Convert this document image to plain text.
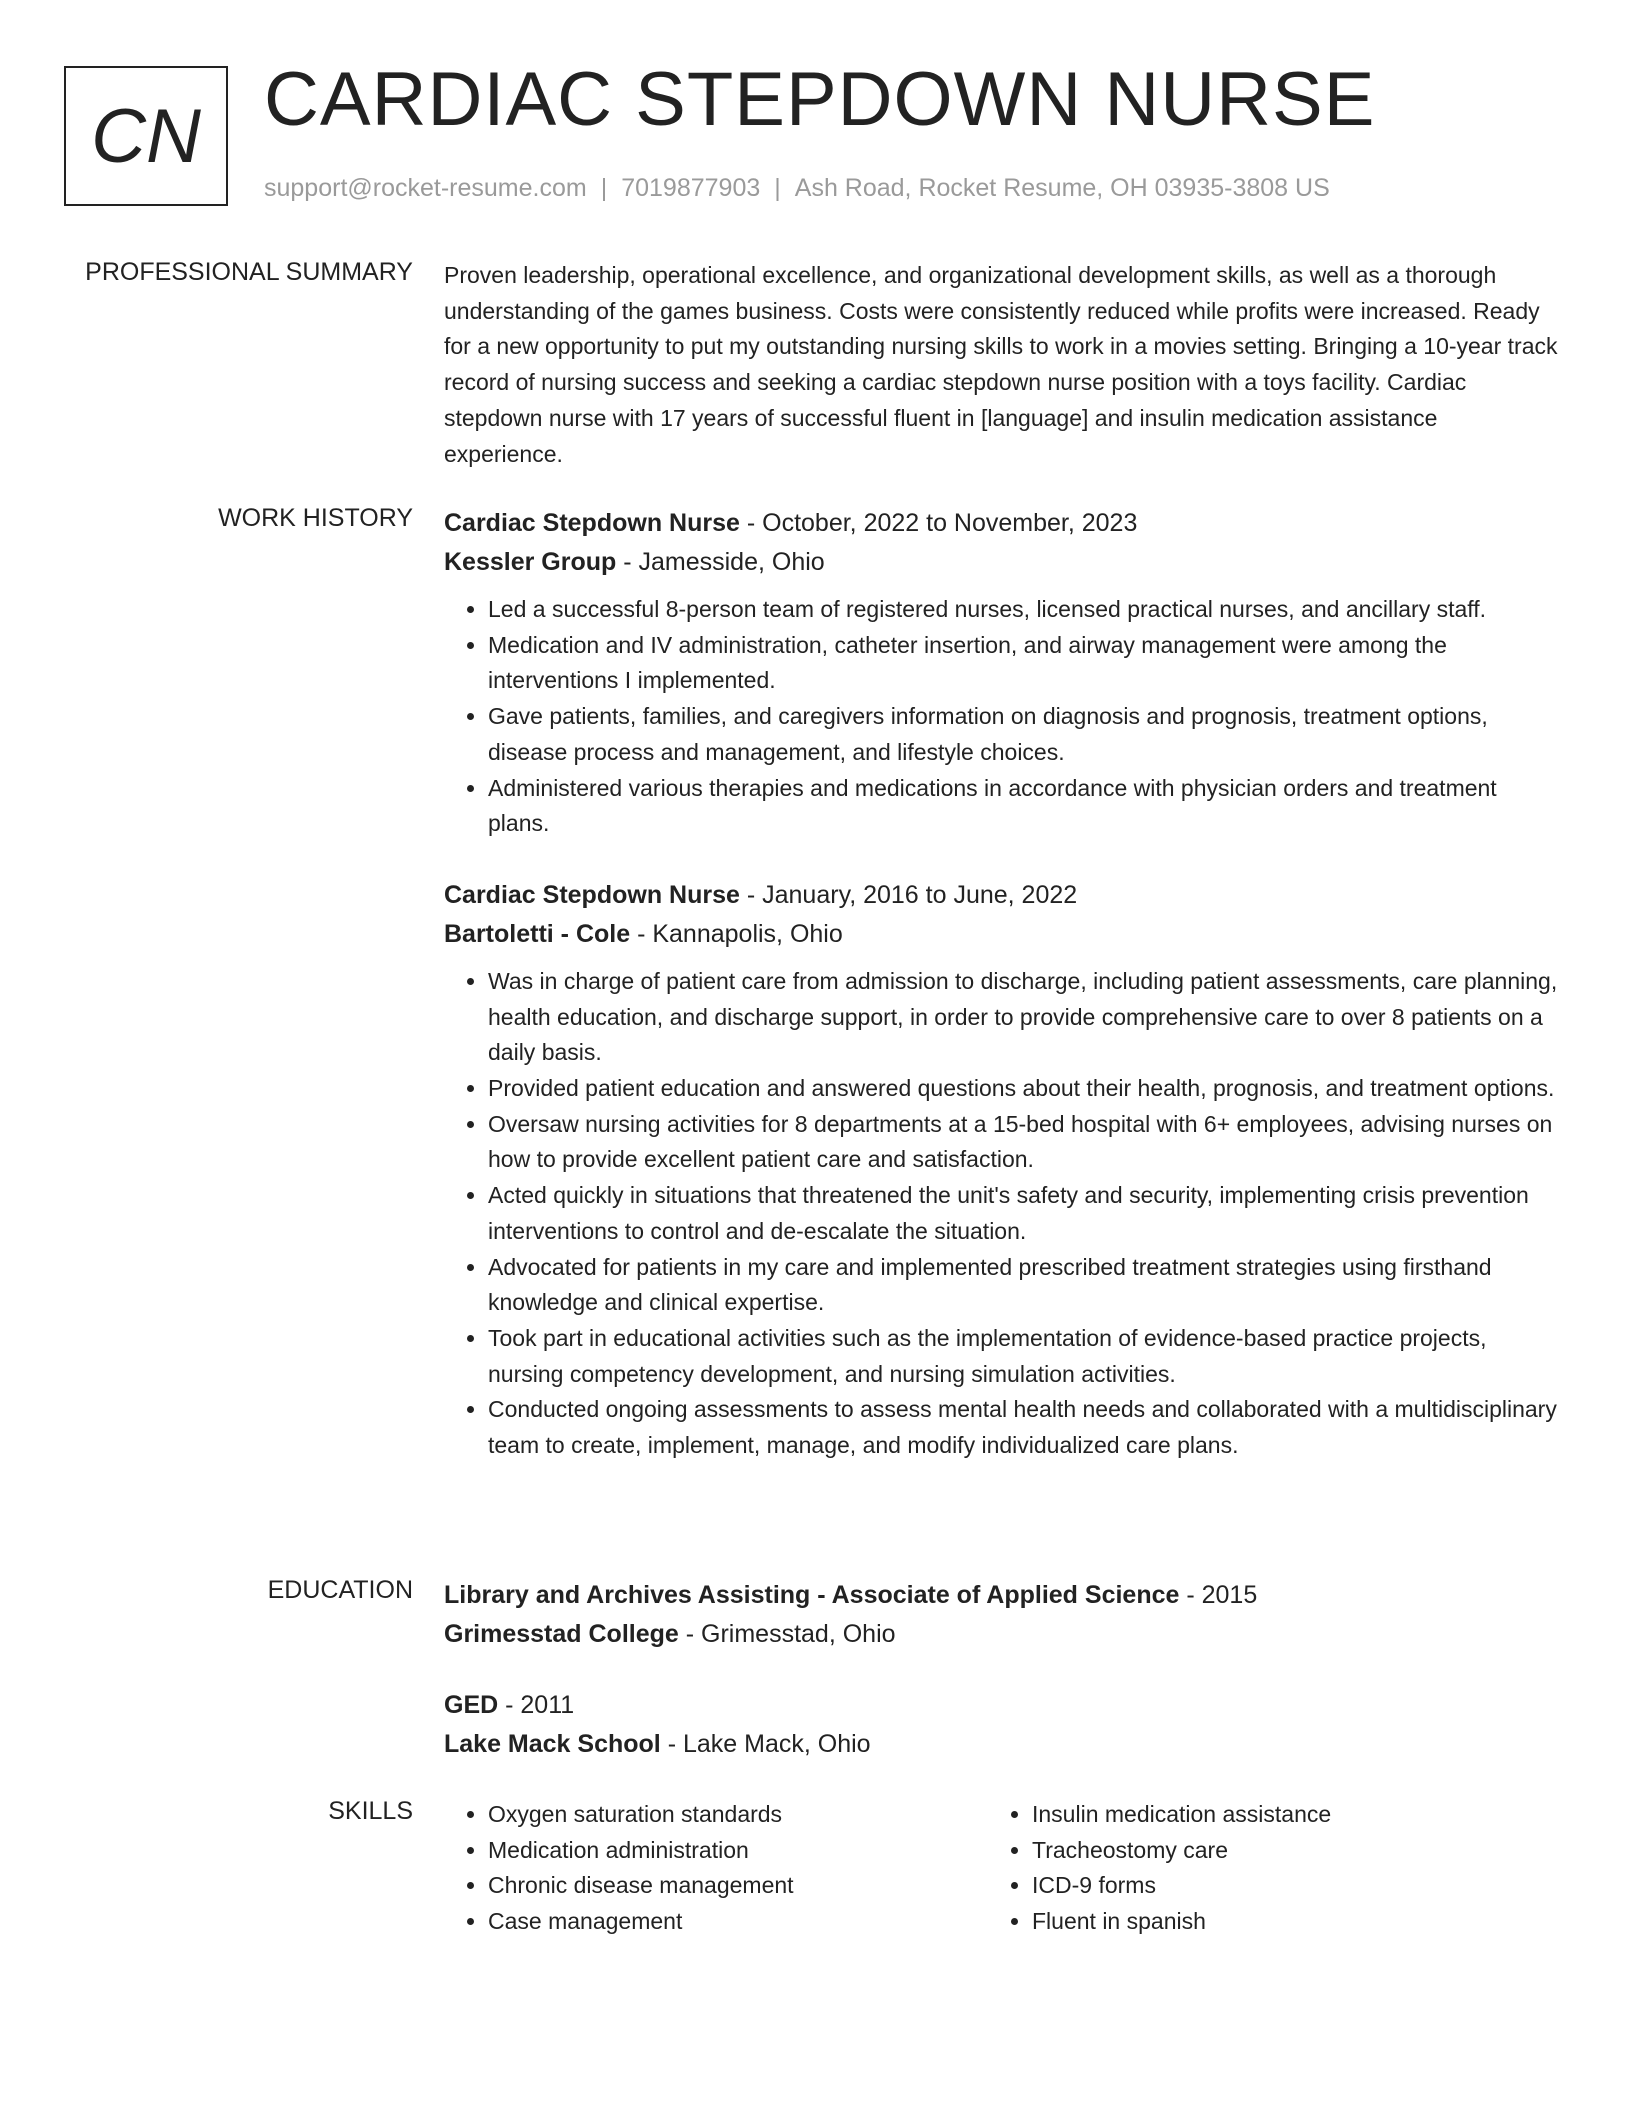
CN CARDIAC STEPDOWN NURSE
support@rocket-resume.com | 7019877903 | Ash Road, Rocket Resume, OH 03935-3808 US
PROFESSIONAL SUMMARY Proven leadership, operational excellence, and organizational development skills, as well as a thorough understanding of the games business. Costs were consistently reduced while profits were increased. Ready for a new opportunity to put my outstanding nursing skills to work in a movies setting. Bringing a 10-year track record of nursing success and seeking a cardiac stepdown nurse position with a toys facility. Cardiac stepdown nurse with 17 years of successful fluent in [language] and insulin medication assistance experience.

WORK HISTORY Cardiac Stepdown Nurse - October, 2022 to November, 2023
Kessler Group - Jamesside, Ohio
• Led a successful 8-person team of registered nurses, licensed practical nurses, and ancillary staff.
• Medication and IV administration, catheter insertion, and airway management were among the interventions I implemented.
• Gave patients, families, and caregivers information on diagnosis and prognosis, treatment options, disease process and management, and lifestyle choices.
• Administered various therapies and medications in accordance with physician orders and treatment plans.
Cardiac Stepdown Nurse - January, 2016 to June, 2022
Bartoletti - Cole - Kannapolis, Ohio
• Was in charge of patient care from admission to discharge, including patient assessments, care planning, health education, and discharge support, in order to provide comprehensive care to over 8 patients on a daily basis.
• Provided patient education and answered questions about their health, prognosis, and treatment options.
• Oversaw nursing activities for 8 departments at a 15-bed hospital with 6+ employees, advising nurses on how to provide excellent patient care and satisfaction.
• Acted quickly in situations that threatened the unit's safety and security, implementing crisis prevention interventions to control and de-escalate the situation.
• Advocated for patients in my care and implemented prescribed treatment strategies using firsthand knowledge and clinical expertise.
• Took part in educational activities such as the implementation of evidence-based practice projects, nursing competency development, and nursing simulation activities.
• Conducted ongoing assessments to assess mental health needs and collaborated with a multidisciplinary team to create, implement, manage, and modify individualized care plans.
EDUCATION Library and Archives Assisting - Associate of Applied Science - 2015
Grimesstad College - Grimesstad, Ohio
GED - 2011
Lake Mack School - Lake Mack, Ohio
SKILLS
•	Oxygen saturation standards
• Medication administration
• Chronic disease management
• Case management
• Insulin medication assistance
• Tracheostomy care
• ICD-9 forms
• Fluent in spanish
